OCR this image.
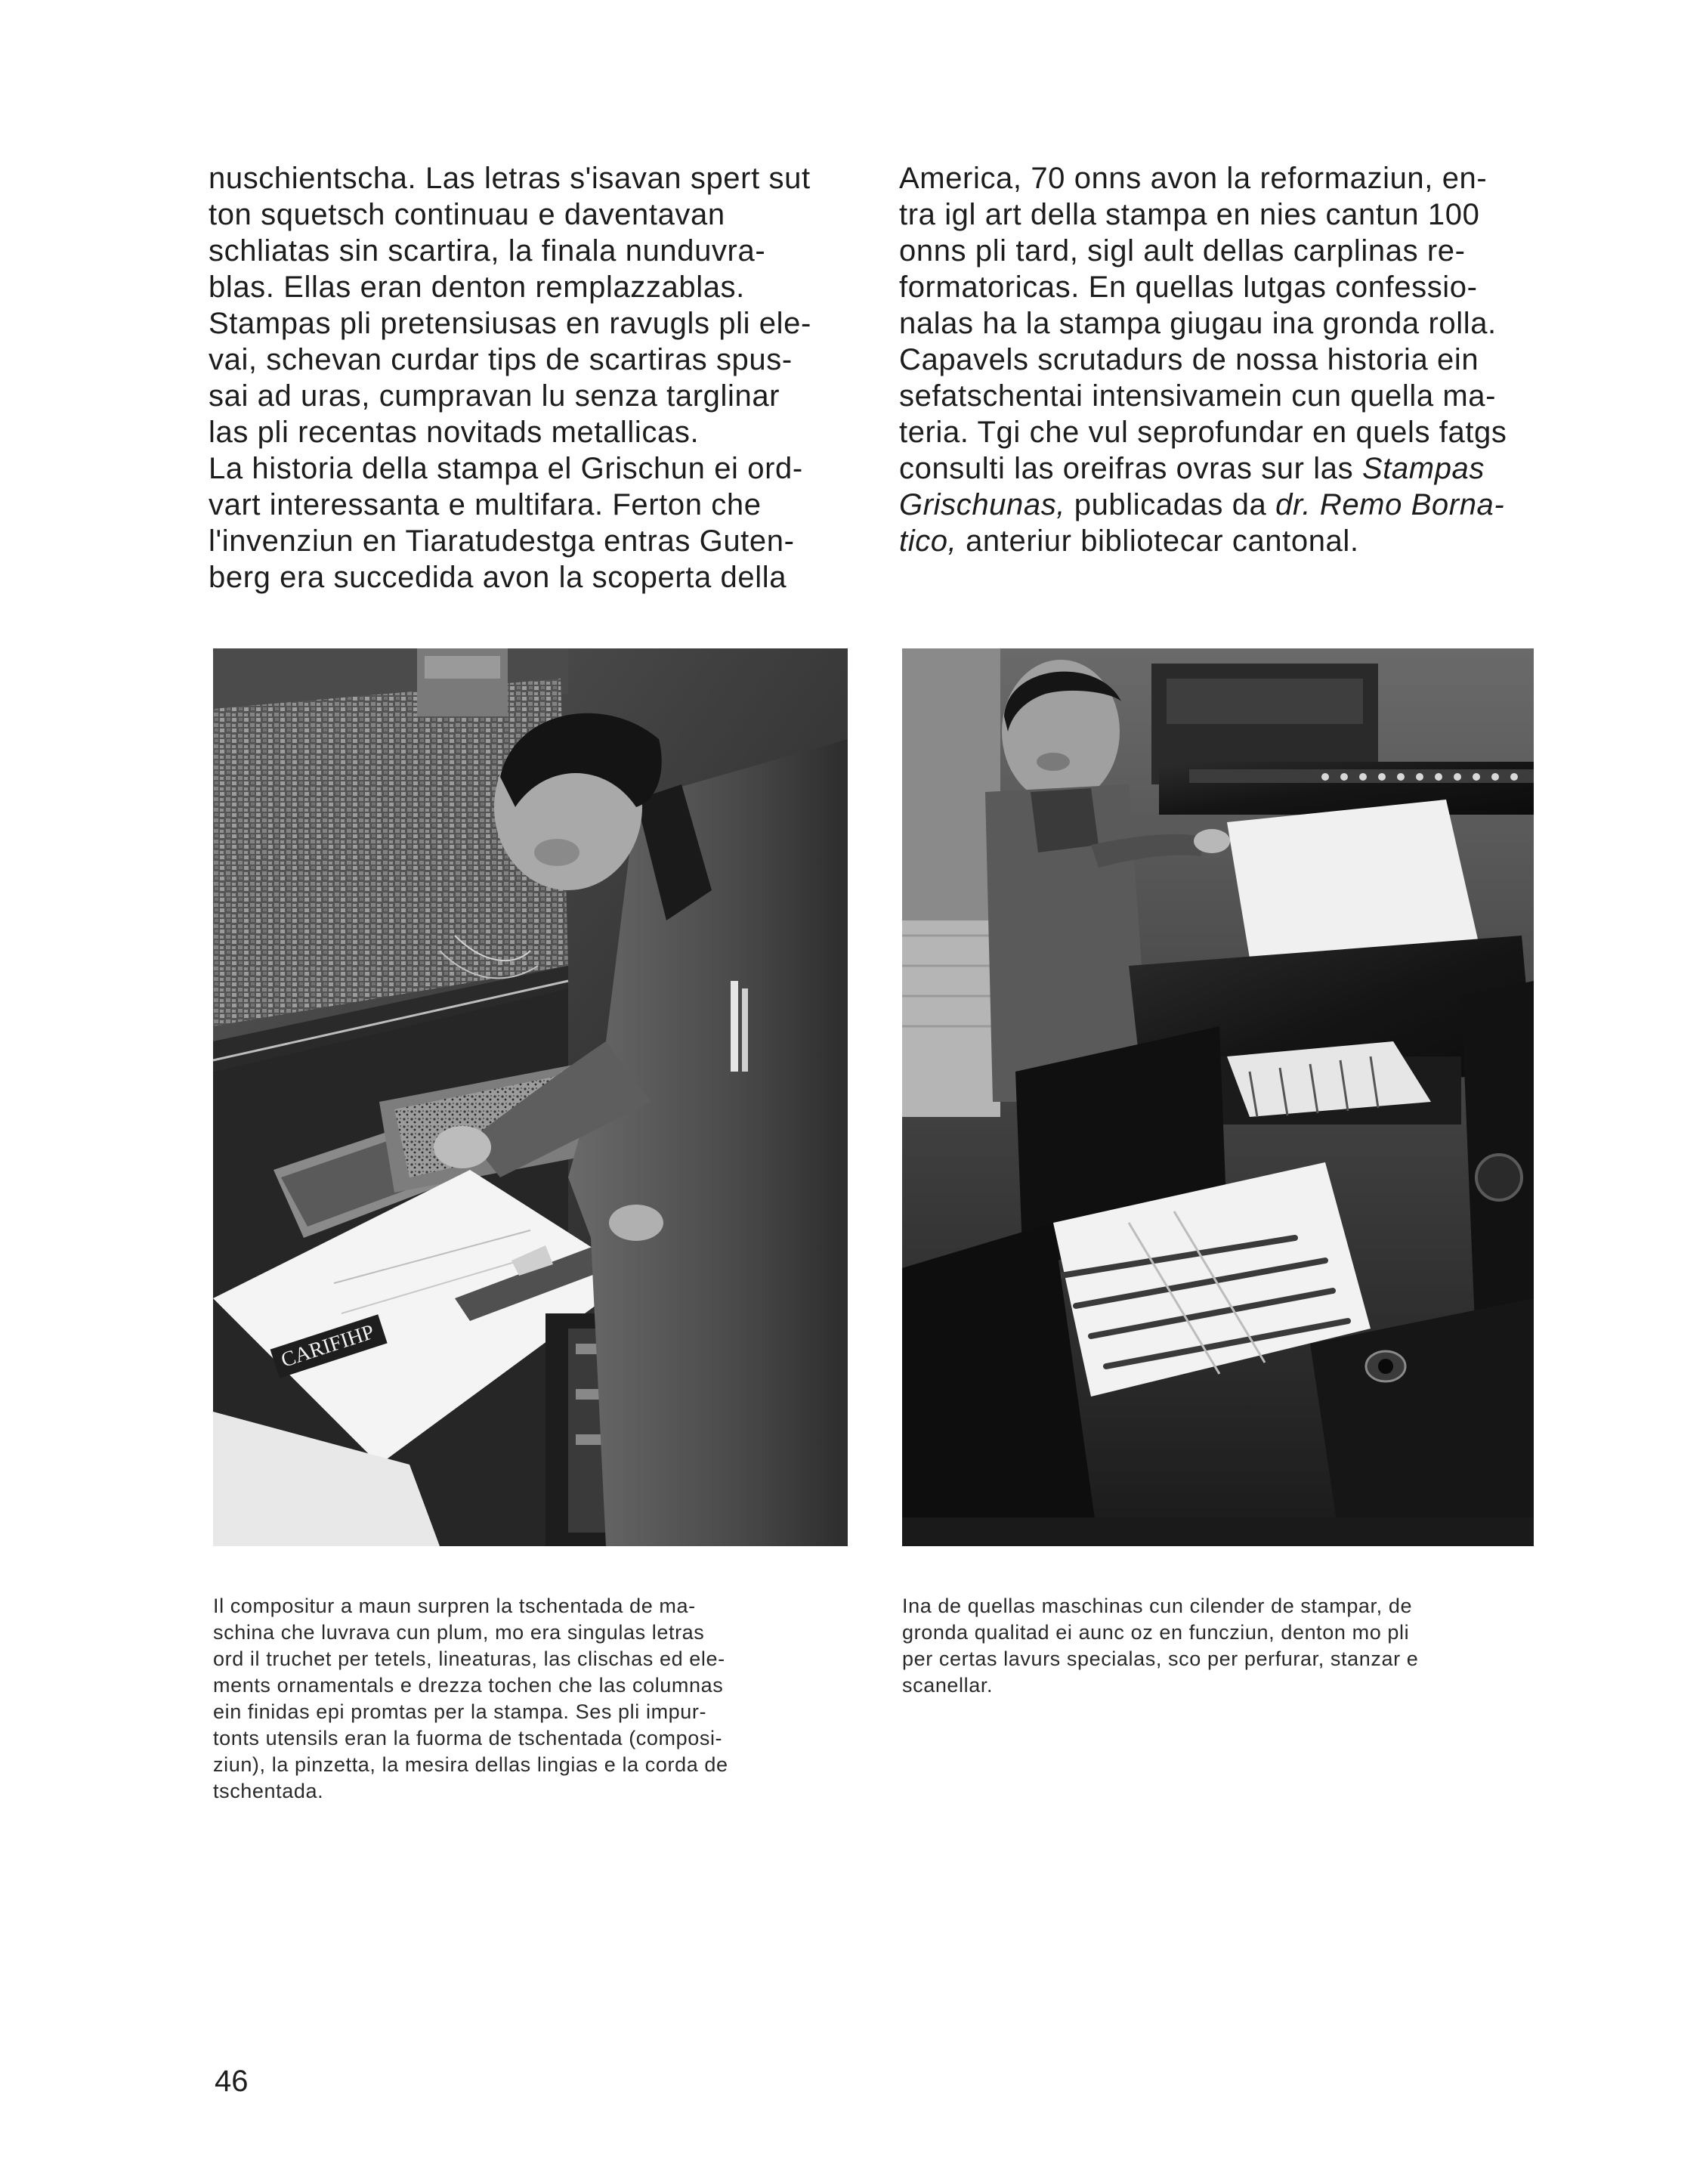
nuschientscha. Las letras s'isavan spert sut
ton squetsch continuau e daventavan
schliatas sin scartira, la finala nunduvra-
blas. Ellas eran denton remplazzablas.
Stampas pli pretensiusas en ravugls pli ele-
vai, schevan curdar tips de scartiras spus-
sai ad uras, cumpravan lu senza targlinar
las pli recentas novitads metallicas.
La historia della stampa el Grischun ei ord-
vart interessanta e multifara. Ferton che
l'invenziun en Tiaratudestga entras Guten-
berg era succedida avon la scoperta della

America, 70 onns avon la reformaziun, en-
tra igl art della stampa en nies cantun 100
onns pli tard, sigl ault dellas carplinas re-
formatoricas. En quellas lutgas confessio-
nalas ha la stampa giugau ina gronda rolla.
Capavels scrutadurs de nossa historia ein
sefatschentai intensivamein cun quella ma-
teria. Tgi che vul seprofundar en quels fatgs
consulti las oreifras ovras sur las Stampas
Grischunas, publicadas da dr. Remo Borna-
tico, anteriur bibliotecar cantonal.

CARIFIHP
Il compositur a maun surpren la tschentada de ma-
schina che luvrava cun plum, mo era singulas letras
ord il truchet per tetels, lineaturas, las clischas ed ele-
ments ornamentals e drezza tochen che las columnas
ein finidas epi promtas per la stampa. Ses pli impur-
tonts utensils eran la fuorma de tschentada (composi-
ziun), la pinzetta, la mesira dellas lingias e la corda de
tschentada.
Ina de quellas maschinas cun cilender de stampar, de
gronda qualitad ei aunc oz en funcziun, denton mo pli
per certas lavurs specialas, sco per perfurar, stanzar e
scanellar.
46
